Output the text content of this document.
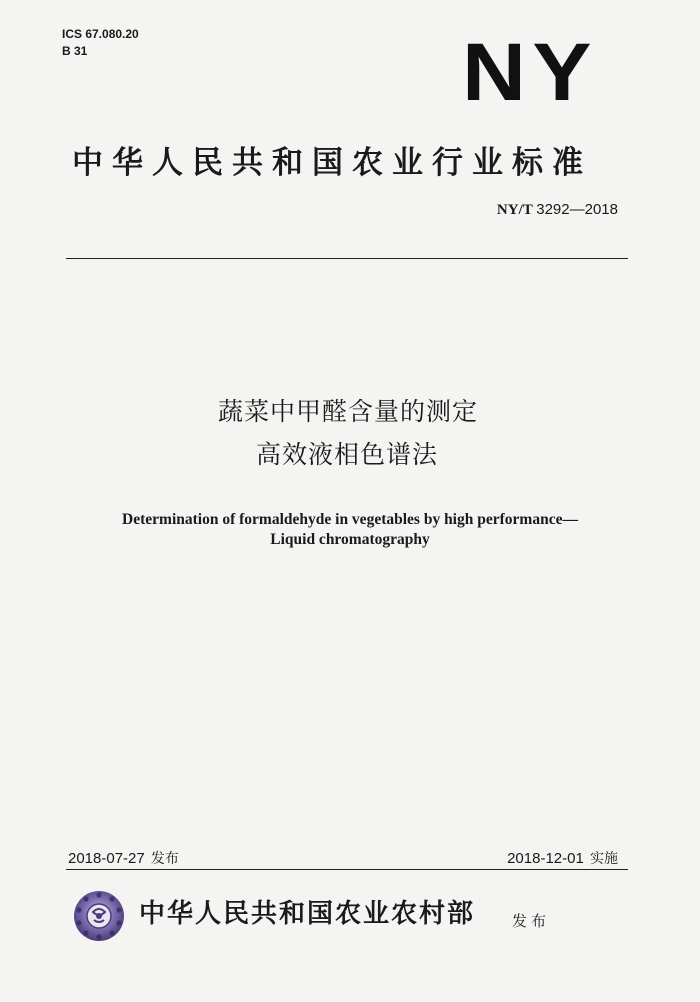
ICS 67.080.20
B 31	NY
中华人民共和国农业行业标准
NY/T 3292—2018
蔬菜中甲醛含量的测定
高效液相色谱法
Determination of formaldehyde in vegetables by high performance—
Liquid chromatography
2018-07-27 发布	2018-12-01 实施
中华人民共和国农业农村部 发布
